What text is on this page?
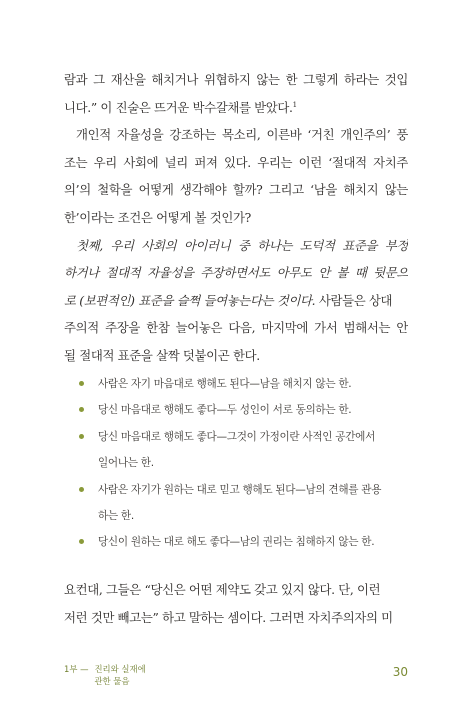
람과 그 재산을 해치거나 위협하지 않는 한 그렇게 하라는 것입
니다.” 이 진술은 뜨거운 박수갈채를 받았다.$^1$
개인적 자율성을 강조하는 목소리, 이른바 ‘거친 개인주의’ 풍
조는 우리 사회에 널리 퍼져 있다. 우리는 이런 ‘절대적 자치주
의’의 철학을 어떻게 생각해야 할까? 그리고 ‘남을 해치지 않는
한’이라는 조건은 어떻게 볼 것인가?
첫째, 우리 사회의 아이러니 중 하나는 도덕적 표준을 부정
하거나 절대적 자율성을 주장하면서도 아무도 안 볼 때 뒷문으
로 (보편적인) 표준을 슬쩍 들여놓는다는 것이다. 사람들은 상대
주의적 주장을 한참 늘어놓은 다음, 마지막에 가서 범해서는 안
될 절대적 표준을 살짝 덧붙이곤 한다.
사람은 자기 마음대로 행해도 된다—남을 해치지 않는 한.
당신 마음대로 행해도 좋다—두 성인이 서로 동의하는 한.
당신 마음대로 행해도 좋다—그것이 가정이란 사적인 공간에서
일어나는 한.
사람은 자기가 원하는 대로 믿고 행해도 된다—남의 견해를 관용
하는 한.
당신이 원하는 대로 해도 좋다—남의 권리는 침해하지 않는 한.
요컨대, 그들은 “당신은 어떤 제약도 갖고 있지 않다. 단, 이런
저런 것만 빼고는” 하고 말하는 셈이다. 그러면 자치주의자의 미
1부 — 진리와 실재에 관한 물음
30
